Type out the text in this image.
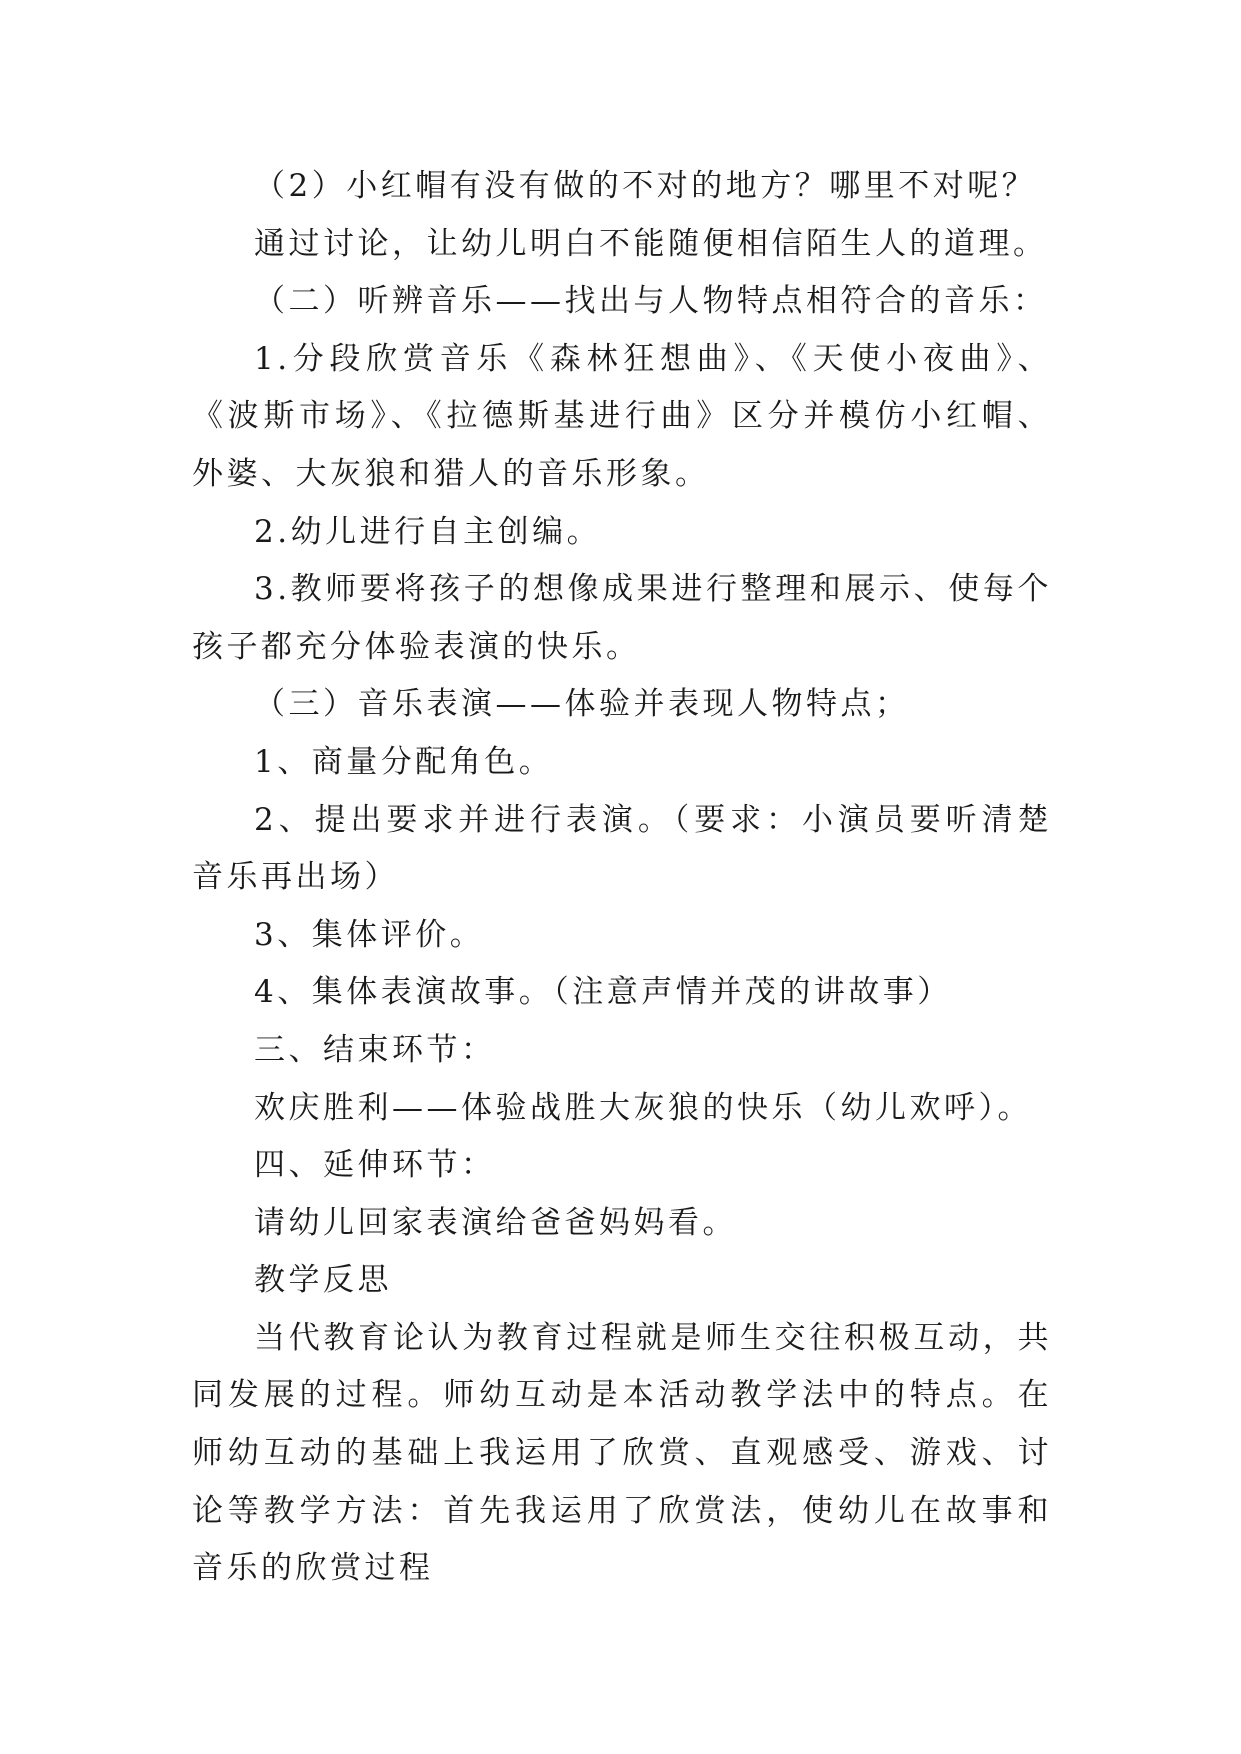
（2）小红帽有没有做的不对的地方？哪里不对呢？

通过讨论，让幼儿明白不能随便相信陌生人的道理。

（二）听辨音乐——找出与人物特点相符合的音乐：

1.分段欣赏音乐《森林狂想曲》、《天使小夜曲》、《波斯市场》、《拉德斯基进行曲》区分并模仿小红帽、外婆、大灰狼和猎人的音乐形象。

2.幼儿进行自主创编。

3.教师要将孩子的想像成果进行整理和展示、使每个孩子都充分体验表演的快乐。

（三）音乐表演——体验并表现人物特点；

1、商量分配角色。

2、提出要求并进行表演。（要求：小演员要听清楚音乐再出场）

3、集体评价。

4、集体表演故事。（注意声情并茂的讲故事）

三、结束环节：

欢庆胜利——体验战胜大灰狼的快乐（幼儿欢呼）。

四、延伸环节：

请幼儿回家表演给爸爸妈妈看。

教学反思

当代教育论认为教育过程就是师生交往积极互动，共同发展的过程。师幼互动是本活动教学法中的特点。在师幼互动的基础上我运用了欣赏、直观感受、游戏、讨论等教学方法：首先我运用了欣赏法，使幼儿在故事和音乐的欣赏过程
